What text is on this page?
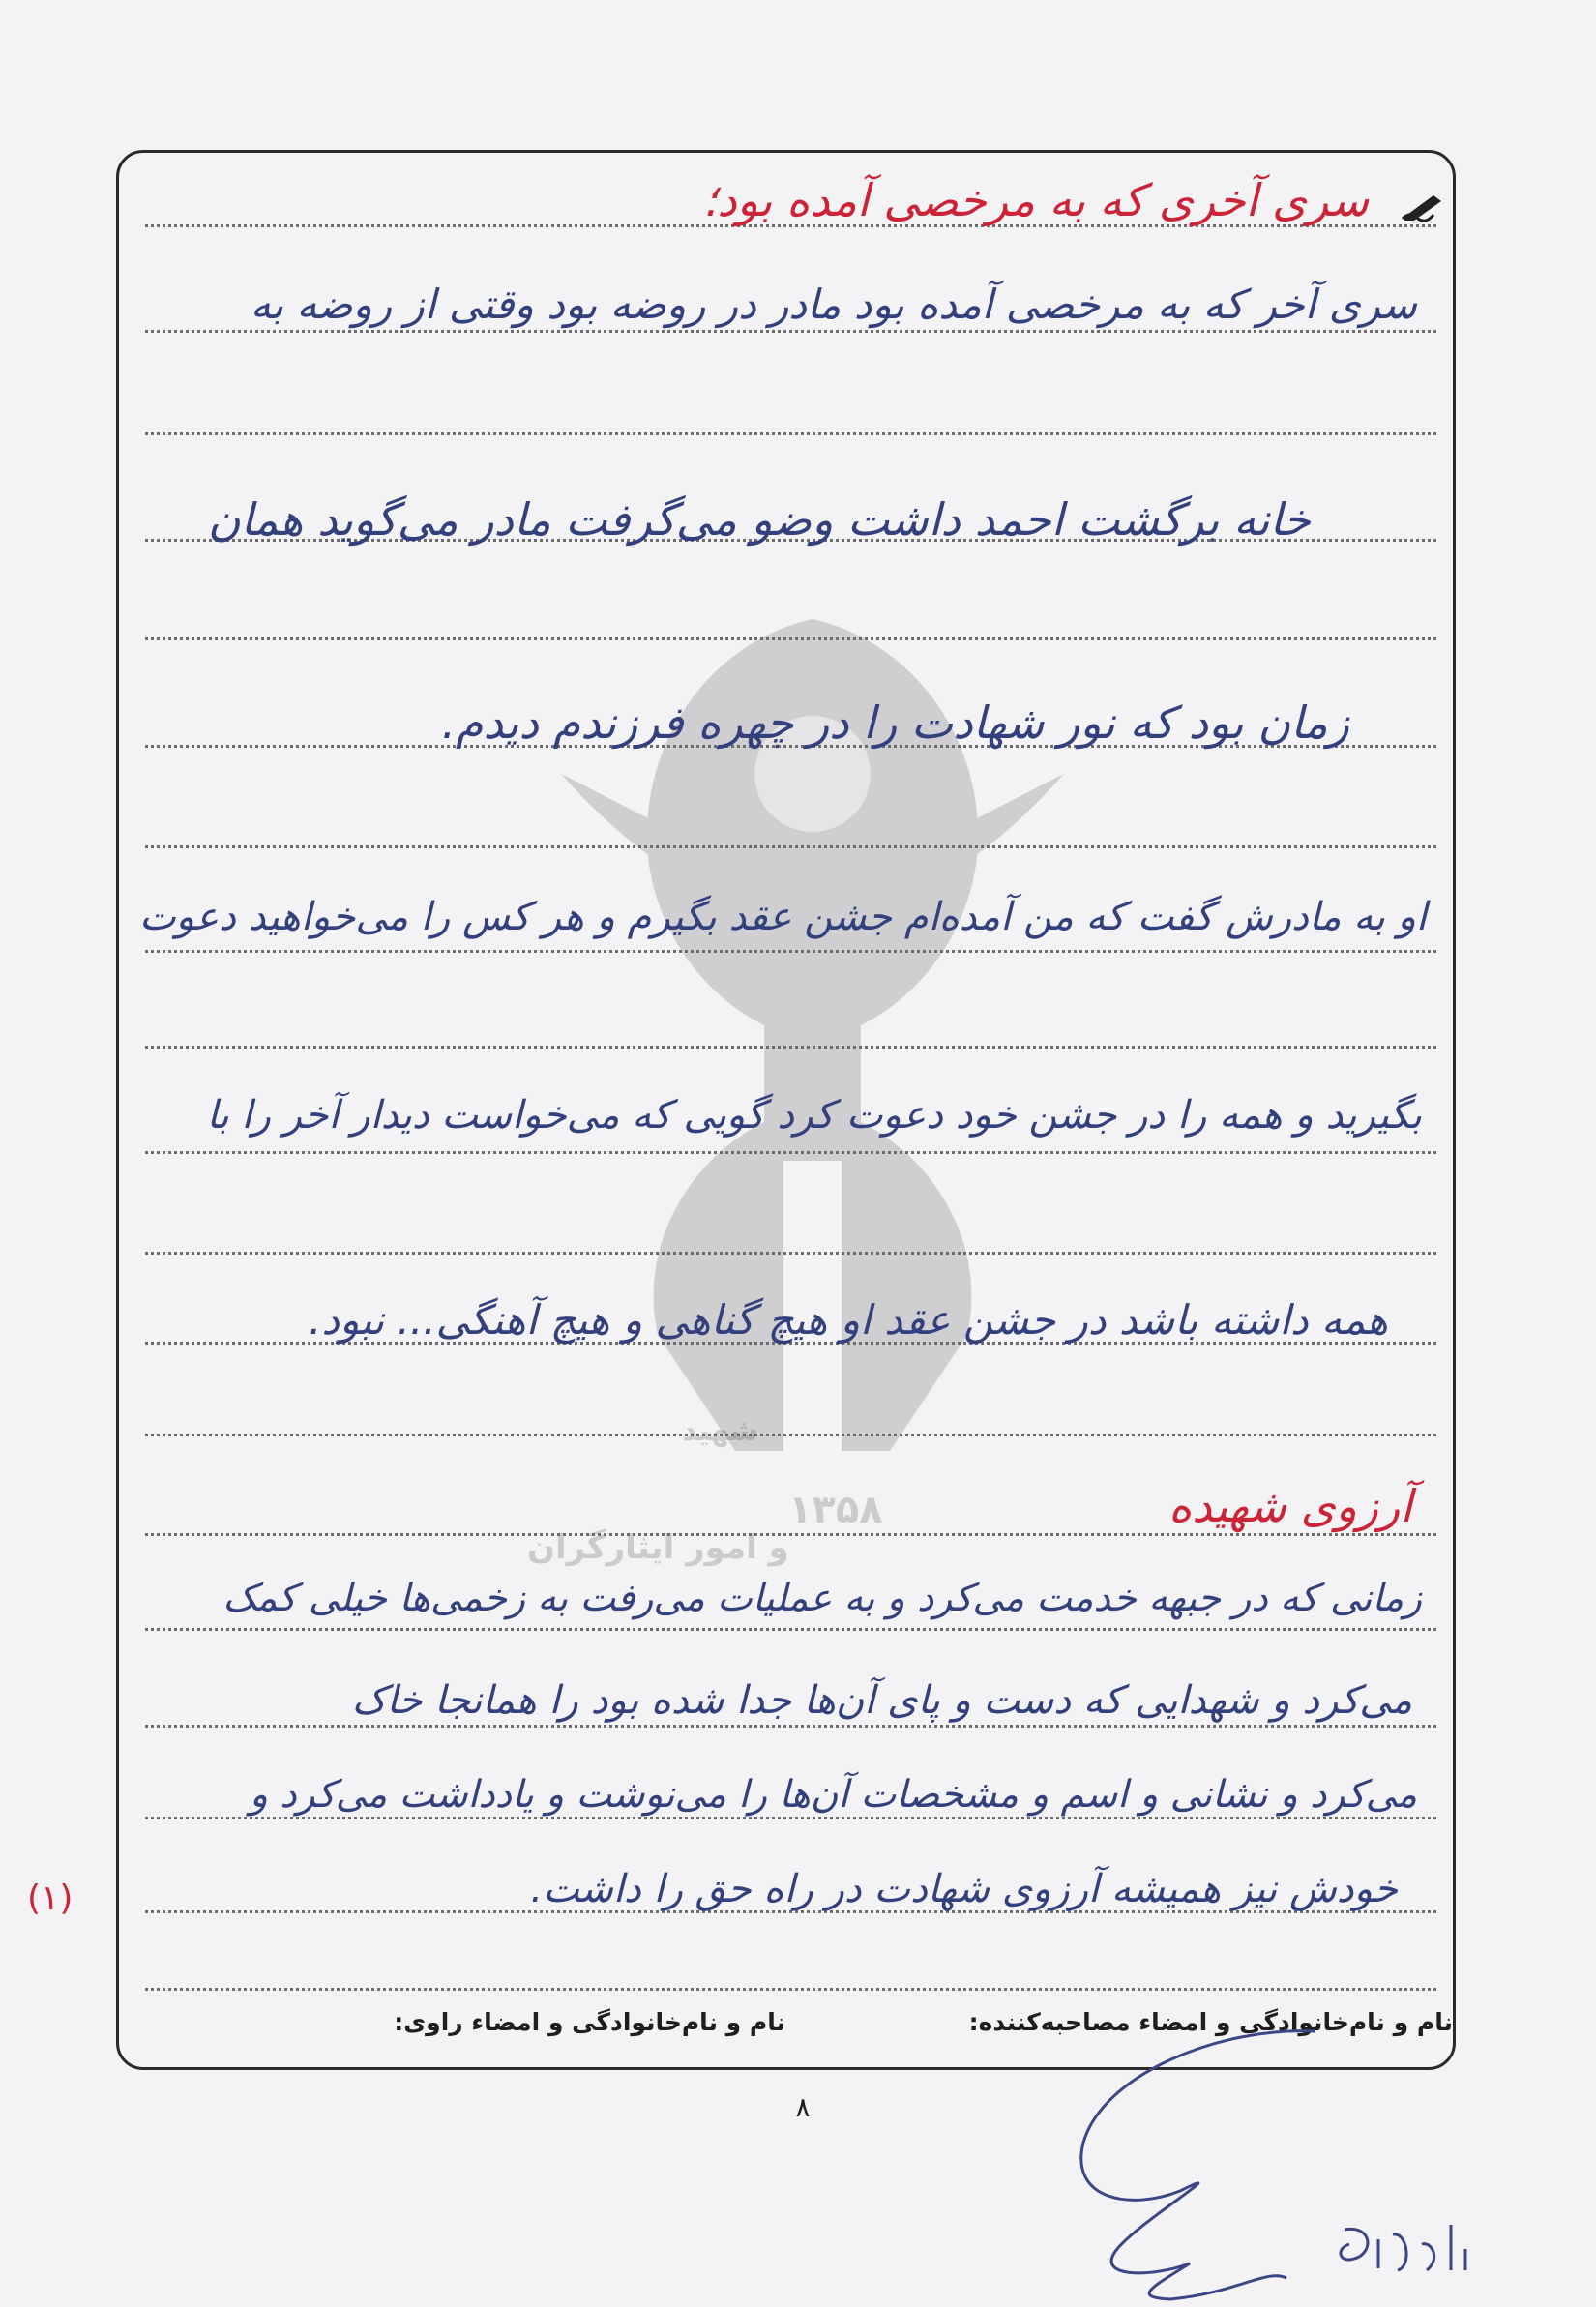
شهید
۱۳۵۸
و امور ایثارگران
سری آخری که به مرخصی آمده بود؛
سری آخر که به مرخصی آمده بود مادر در روضه بود وقتی از روضه به
خانه برگشت احمد داشت وضو می‌گرفت مادر می‌گوید همان
زمان بود که نور شهادت را در چهره فرزندم دیدم.
او به مادرش گفت که من آمده‌ام جشن عقد بگیرم و هر کس را می‌خواهید دعوت
بگیرید و همه را در جشن خود دعوت کرد گویی که می‌خواست دیدار آخر را با
همه داشته باشد در جشن عقد او هیچ گناهی و هیچ آهنگی... نبود.
آرزوی شهیده
زمانی که در جبهه خدمت می‌کرد و به عملیات می‌رفت به زخمی‌ها خیلی کمک
می‌کرد و شهدایی که دست و پای آن‌ها جدا شده بود را همانجا خاک
می‌کرد و نشانی و اسم و مشخصات آن‌ها را می‌نوشت و یادداشت می‌کرد و
خودش نیز همیشه آرزوی شهادت در راه حق را داشت.
(۱)
نام و نام‌خانوادگی و امضاء مصاحبه‌کننده:
نام و نام‌خانوادگی و امضاء راوی:
۸
